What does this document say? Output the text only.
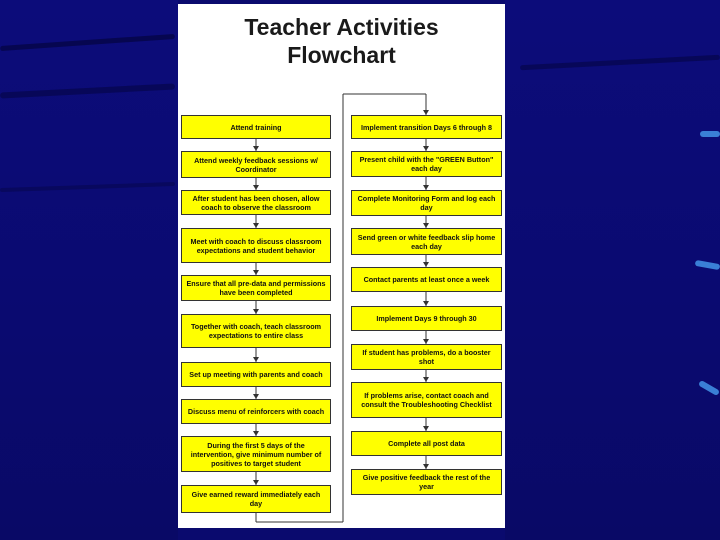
Teacher Activities
Flowchart
Attend training
Attend weekly feedback sessions w/ Coordinator
After student has been chosen, allow coach to observe the classroom
Meet with coach to discuss classroom expectations and student behavior
Ensure that all pre-data and permissions have been completed
Together with coach, teach classroom expectations to entire class
Set up meeting with parents and coach
Discuss menu of reinforcers with coach
During the first 5 days of the intervention, give minimum number of positives to target student
Give earned reward immediately each day
Implement transition Days 6 through 8
Present child with the "GREEN Button" each day
Complete Monitoring Form and log each day
Send green or white feedback slip home each day
Contact parents at least once a week
Implement Days 9 through 30
If student has problems, do a booster shot
If problems arise, contact coach and consult the Troubleshooting Checklist
Complete all post data
Give positive feedback the rest of the year
